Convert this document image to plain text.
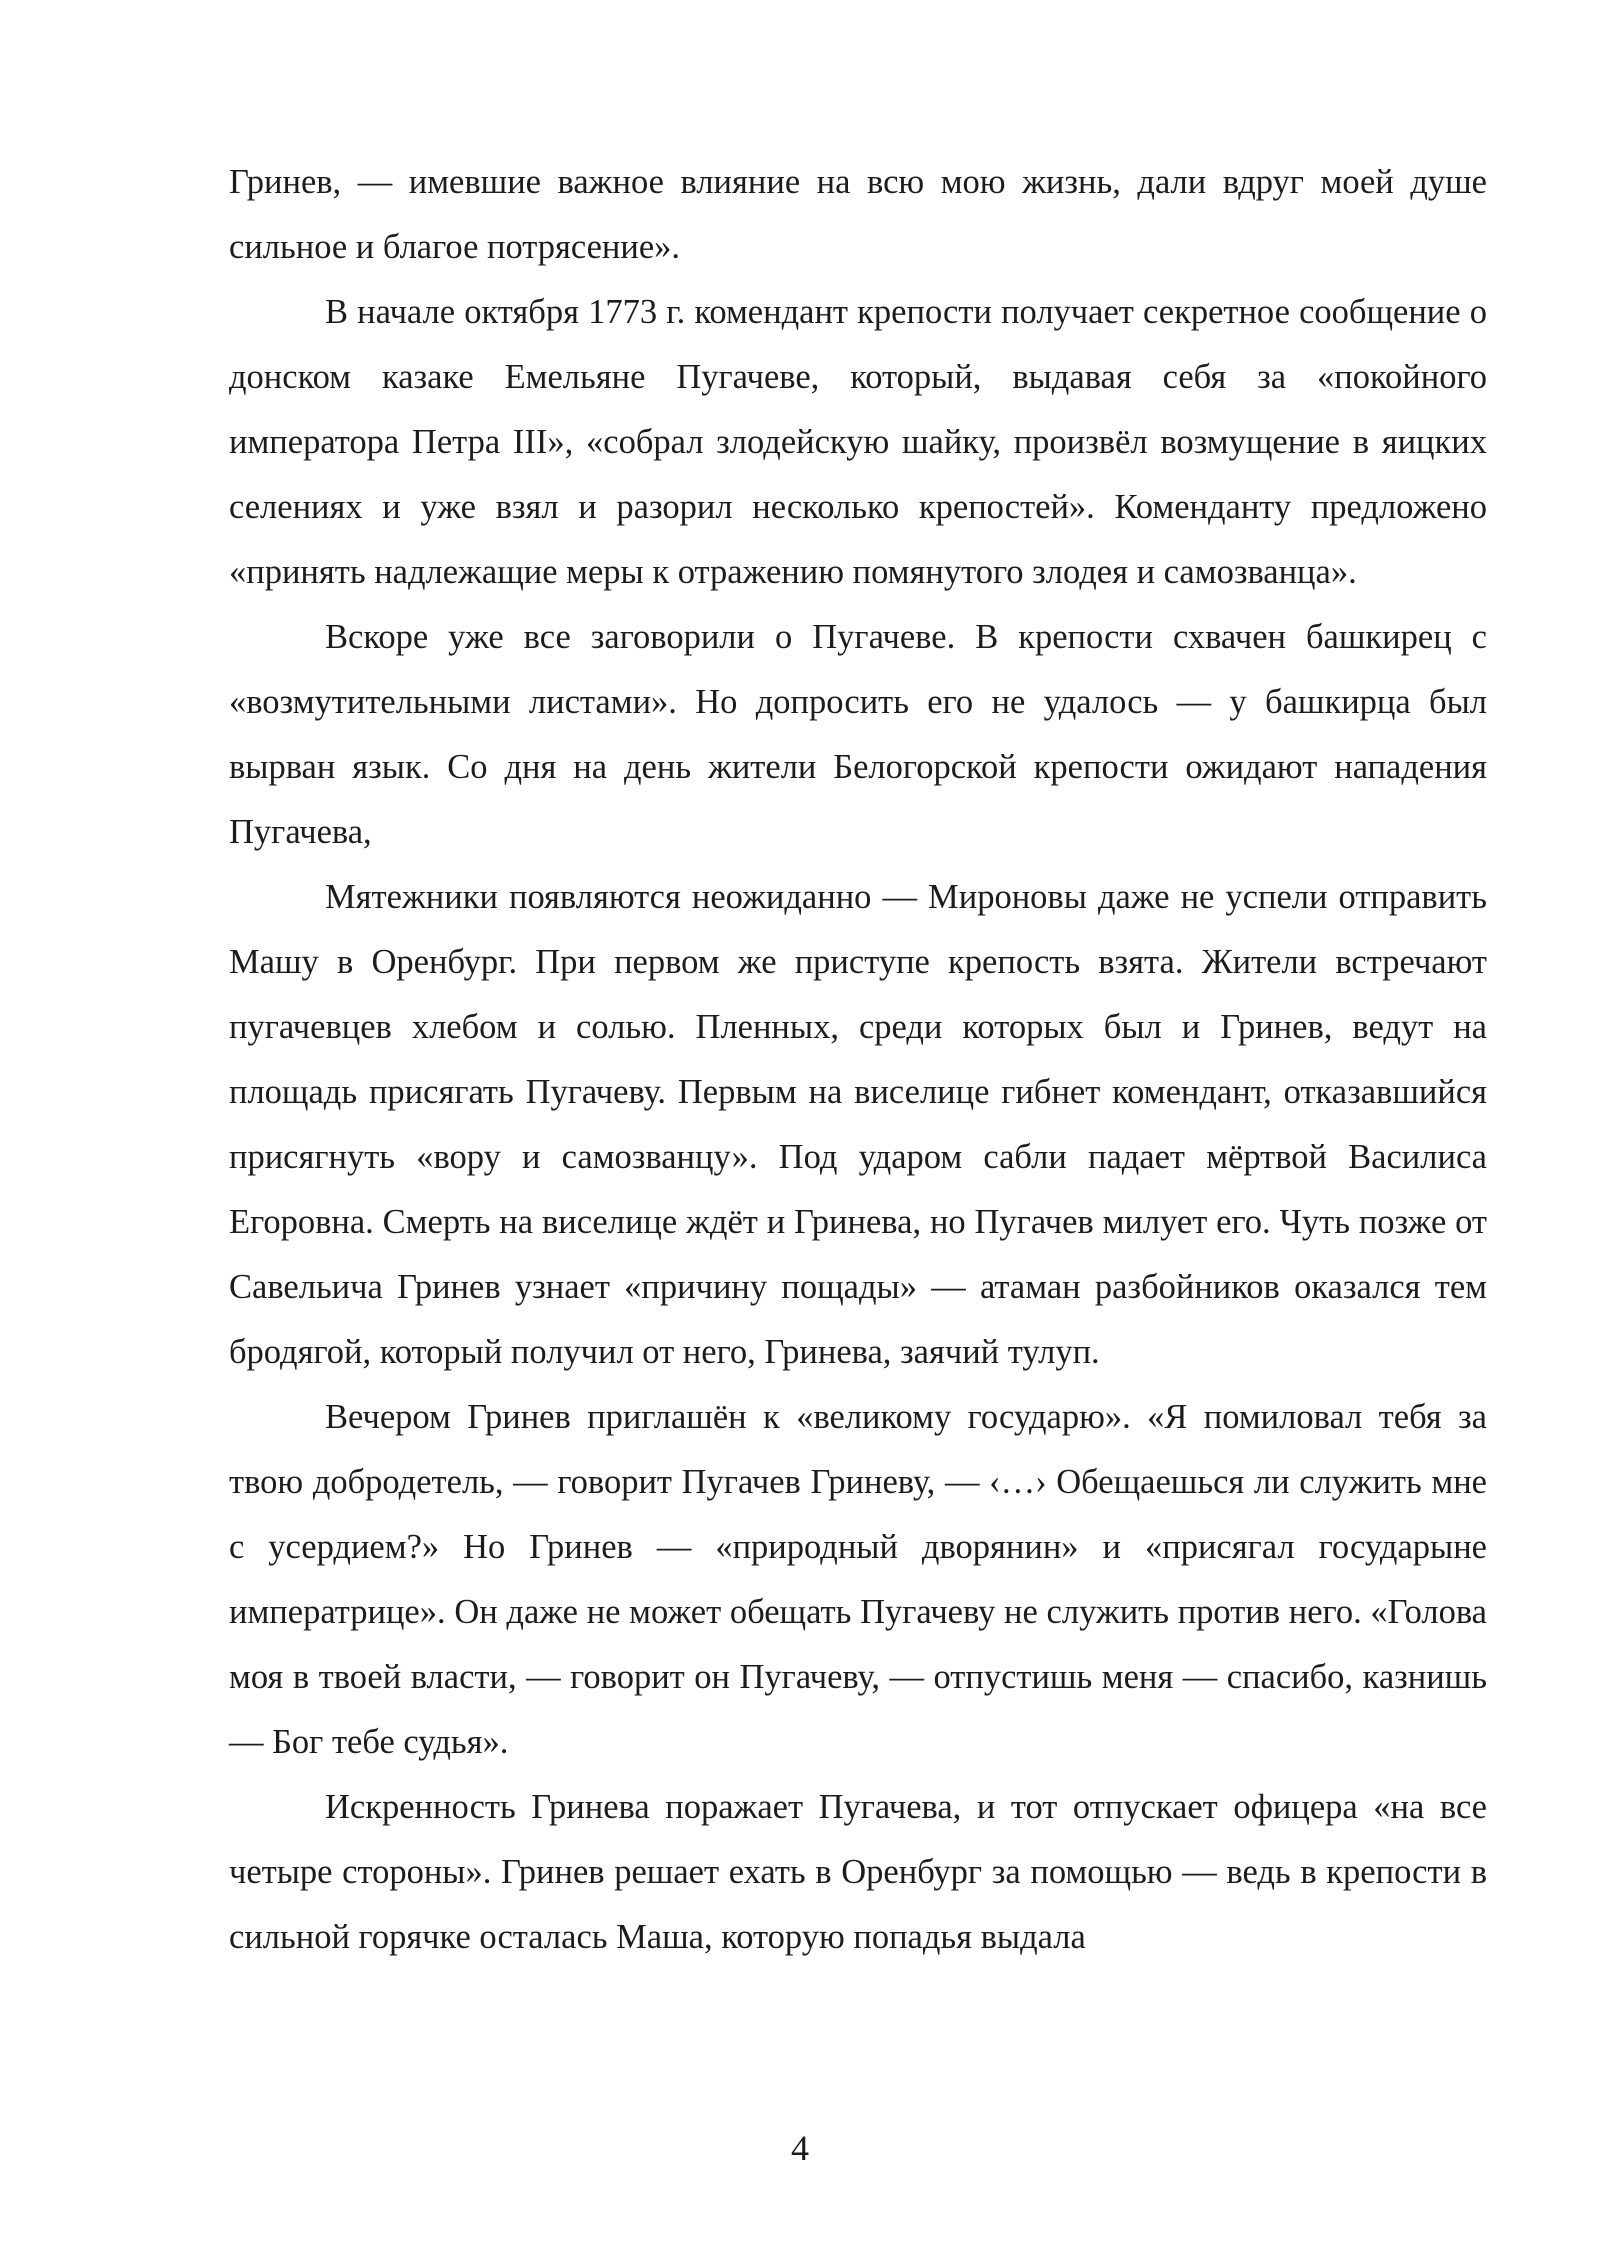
Гринев, — имевшие важное влияние на всю мою жизнь, дали вдруг моей душе сильное и благое потрясение».

В начале октября 1773 г. комендант крепости получает секретное сообщение о донском казаке Емельяне Пугачеве, который, выдавая себя за «покойного императора Петра III», «собрал злодейскую шайку, произвёл возмущение в яицких селениях и уже взял и разорил несколько крепостей». Коменданту предложено «принять надлежащие меры к отражению помянутого злодея и самозванца».

Вскоре уже все заговорили о Пугачеве. В крепости схвачен башкирец с «возмутительными листами». Но допросить его не удалось — у башкирца был вырван язык. Со дня на день жители Белогорской крепости ожидают нападения Пугачева,

Мятежники появляются неожиданно — Мироновы даже не успели отправить Машу в Оренбург. При первом же приступе крепость взята. Жители встречают пугачевцев хлебом и солью. Пленных, среди которых был и Гринев, ведут на площадь присягать Пугачеву. Первым на виселице гибнет комендант, отказавшийся присягнуть «вору и самозванцу». Под ударом сабли падает мёртвой Василиса Егоровна. Смерть на виселице ждёт и Гринева, но Пугачев милует его. Чуть позже от Савельича Гринев узнает «причину пощады» — атаман разбойников оказался тем бродягой, который получил от него, Гринева, заячий тулуп.

Вечером Гринев приглашён к «великому государю». «Я помиловал тебя за твою добродетель, — говорит Пугачев Гриневу, — ‹…› Обещаешься ли служить мне с усердием?» Но Гринев — «природный дворянин» и «присягал государыне императрице». Он даже не может обещать Пугачеву не служить против него. «Голова моя в твоей власти, — говорит он Пугачеву, — отпустишь меня — спасибо, казнишь — Бог тебе судья».

Искренность Гринева поражает Пугачева, и тот отпускает офицера «на все четыре стороны». Гринев решает ехать в Оренбург за помощью — ведь в крепости в сильной горячке осталась Маша, которую попадья выдала

4
